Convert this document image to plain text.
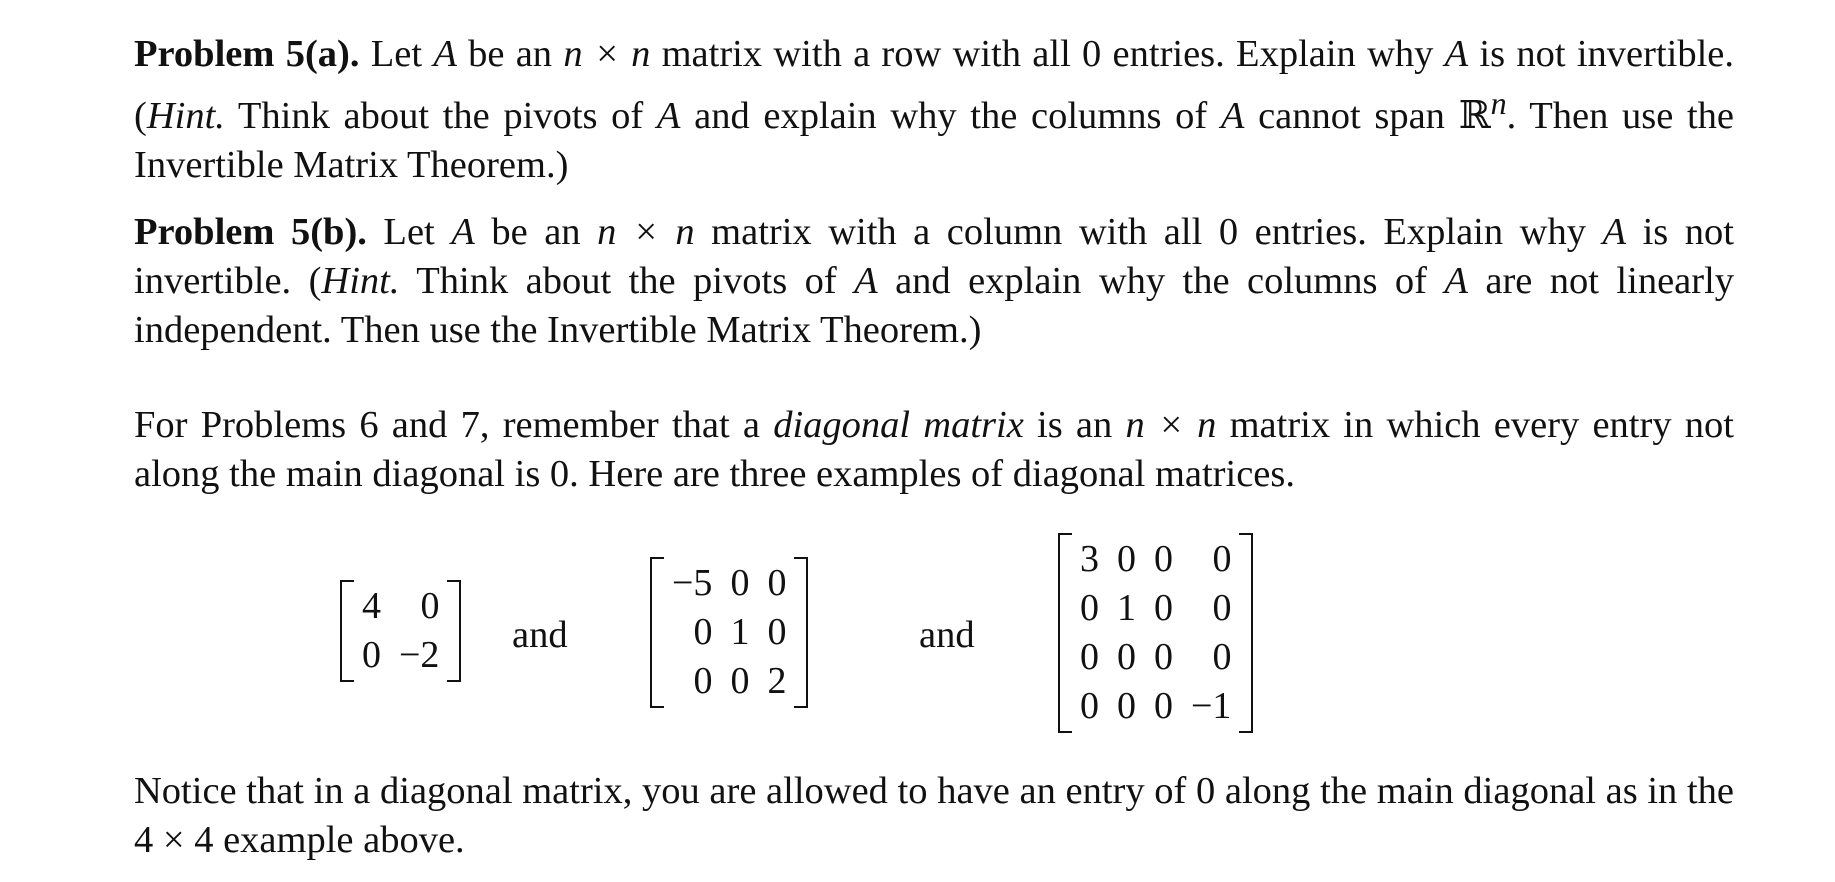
Problem 5(a). Let A be an n × n matrix with a row with all 0 entries. Explain why A is not invertible. (Hint. Think about the pivots of A and explain why the columns of A cannot span ℝ$^n$. Then use the Invertible Matrix Theorem.)

Problem 5(b). Let A be an n × n matrix with a column with all 0 entries. Explain why A is not invertible. (Hint. Think about the pivots of A and explain why the columns of A are not linearly independent. Then use the Invertible Matrix Theorem.)

For Problems 6 and 7, remember that a diagonal matrix is an n × n matrix in which every entry not along the main diagonal is 0. Here are three examples of diagonal matrices.

4	0
0 −2 and
−5 0 0
0 1 0
0 0 2
and
3 0 0	0
0 1 0	0
0 0 0	0
0 0 0 −1

Notice that in a diagonal matrix, you are allowed to have an entry of 0 along the main diagonal as in the 4 × 4 example above.
